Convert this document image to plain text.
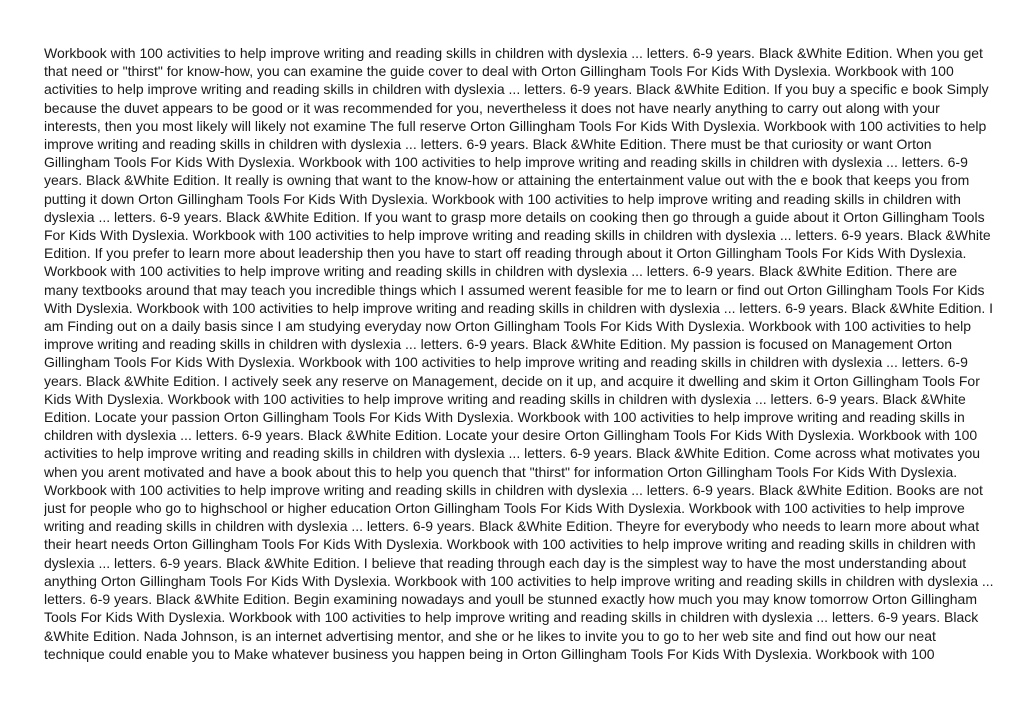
Workbook with 100 activities to help improve writing and reading skills in children with dyslexia ... letters. 6-9 years. Black &White Edition. When you get that need or "thirst" for know-how, you can examine the guide cover to deal with Orton Gillingham Tools For Kids With Dyslexia. Workbook with 100 activities to help improve writing and reading skills in children with dyslexia ... letters. 6-9 years. Black &White Edition. If you buy a specific e book Simply because the duvet appears to be good or it was recommended for you, nevertheless it does not have nearly anything to carry out along with your interests, then you most likely will likely not examine The full reserve Orton Gillingham Tools For Kids With Dyslexia. Workbook with 100 activities to help improve writing and reading skills in children with dyslexia ... letters. 6-9 years. Black &White Edition. There must be that curiosity or want Orton Gillingham Tools For Kids With Dyslexia. Workbook with 100 activities to help improve writing and reading skills in children with dyslexia ... letters. 6-9 years. Black &White Edition. It really is owning that want to the know-how or attaining the entertainment value out with the e book that keeps you from putting it down Orton Gillingham Tools For Kids With Dyslexia. Workbook with 100 activities to help improve writing and reading skills in children with dyslexia ... letters. 6-9 years. Black &White Edition. If you want to grasp more details on cooking then go through a guide about it Orton Gillingham Tools For Kids With Dyslexia. Workbook with 100 activities to help improve writing and reading skills in children with dyslexia ... letters. 6-9 years. Black &White Edition. If you prefer to learn more about leadership then you have to start off reading through about it Orton Gillingham Tools For Kids With Dyslexia. Workbook with 100 activities to help improve writing and reading skills in children with dyslexia ... letters. 6-9 years. Black &White Edition. There are many textbooks around that may teach you incredible things which I assumed werent feasible for me to learn or find out Orton Gillingham Tools For Kids With Dyslexia. Workbook with 100 activities to help improve writing and reading skills in children with dyslexia ... letters. 6-9 years. Black &White Edition. I am Finding out on a daily basis since I am studying everyday now Orton Gillingham Tools For Kids With Dyslexia. Workbook with 100 activities to help improve writing and reading skills in children with dyslexia ... letters. 6-9 years. Black &White Edition. My passion is focused on Management Orton Gillingham Tools For Kids With Dyslexia. Workbook with 100 activities to help improve writing and reading skills in children with dyslexia ... letters. 6-9 years. Black &White Edition. I actively seek any reserve on Management, decide on it up, and acquire it dwelling and skim it Orton Gillingham Tools For Kids With Dyslexia. Workbook with 100 activities to help improve writing and reading skills in children with dyslexia ... letters. 6-9 years. Black &White Edition. Locate your passion Orton Gillingham Tools For Kids With Dyslexia. Workbook with 100 activities to help improve writing and reading skills in children with dyslexia ... letters. 6-9 years. Black &White Edition. Locate your desire Orton Gillingham Tools For Kids With Dyslexia. Workbook with 100 activities to help improve writing and reading skills in children with dyslexia ... letters. 6-9 years. Black &White Edition. Come across what motivates you when you arent motivated and have a book about this to help you quench that "thirst" for information Orton Gillingham Tools For Kids With Dyslexia. Workbook with 100 activities to help improve writing and reading skills in children with dyslexia ... letters. 6-9 years. Black &White Edition. Books are not just for people who go to highschool or higher education Orton Gillingham Tools For Kids With Dyslexia. Workbook with 100 activities to help improve writing and reading skills in children with dyslexia ... letters. 6-9 years. Black &White Edition. Theyre for everybody who needs to learn more about what their heart needs Orton Gillingham Tools For Kids With Dyslexia. Workbook with 100 activities to help improve writing and reading skills in children with dyslexia ... letters. 6-9 years. Black &White Edition. I believe that reading through each day is the simplest way to have the most understanding about anything Orton Gillingham Tools For Kids With Dyslexia. Workbook with 100 activities to help improve writing and reading skills in children with dyslexia ... letters. 6-9 years. Black &White Edition. Begin examining nowadays and youll be stunned exactly how much you may know tomorrow Orton Gillingham Tools For Kids With Dyslexia. Workbook with 100 activities to help improve writing and reading skills in children with dyslexia ... letters. 6-9 years. Black &White Edition. Nada Johnson, is an internet advertising mentor, and she or he likes to invite you to go to her web site and find out how our neat technique could enable you to Make whatever business you happen being in Orton Gillingham Tools For Kids With Dyslexia. Workbook with 100
